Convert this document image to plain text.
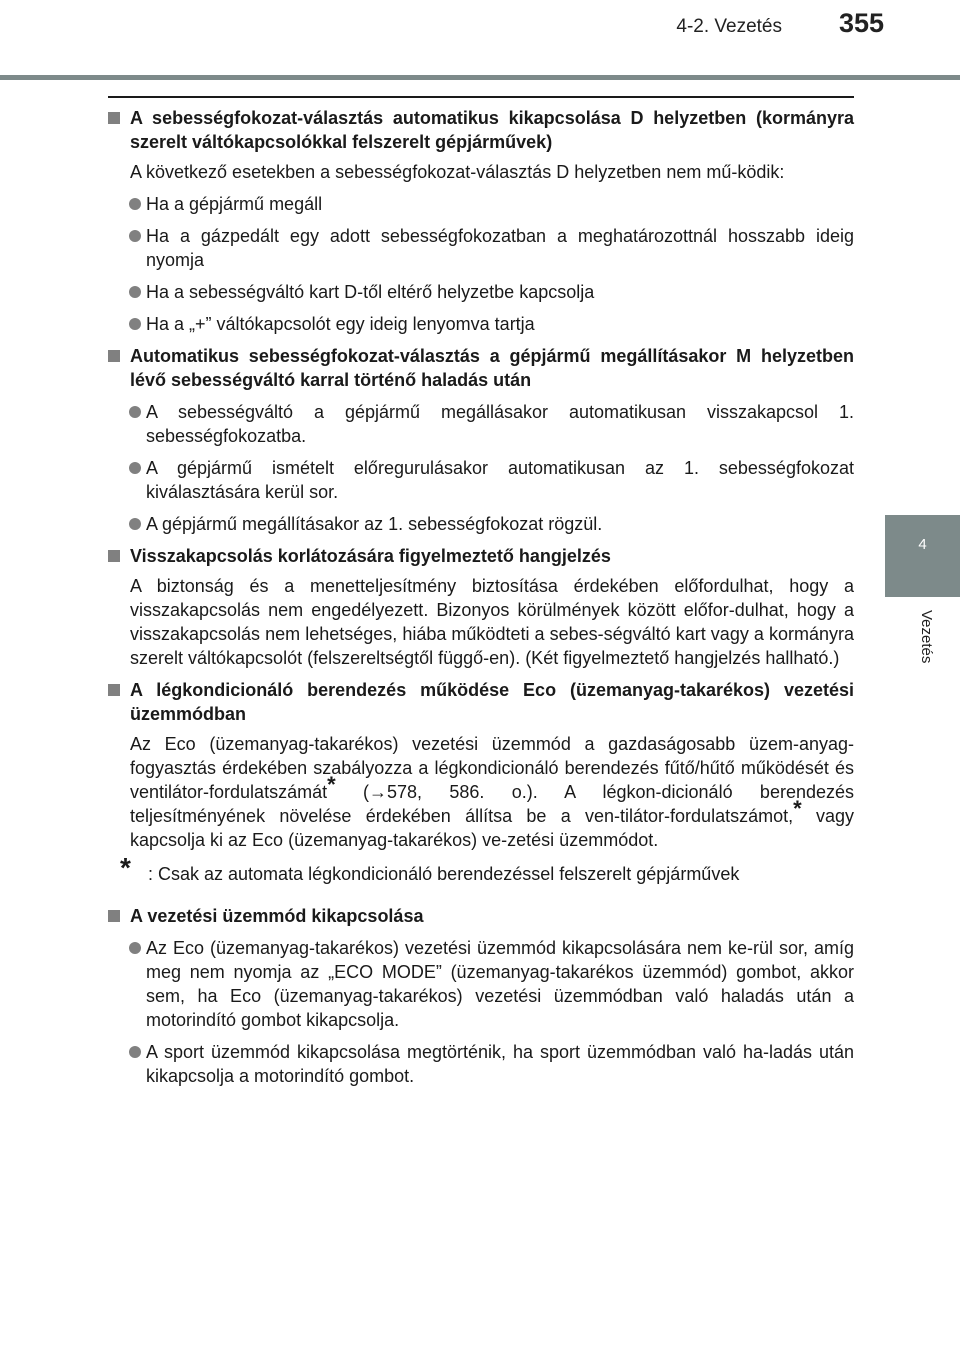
4-2. Vezetés 355
4
Vezetés
A sebességfokozat-választás automatikus kikapcsolása D helyzetben (kormányra szerelt váltókapcsolókkal felszerelt gépjárművek)
A következő esetekben a sebességfokozat-választás D helyzetben nem mű-ködik:
Ha a gépjármű megáll
Ha a gázpedált egy adott sebességfokozatban a meghatározottnál hosszabb ideig nyomja
Ha a sebességváltó kart D-től eltérő helyzetbe kapcsolja
Ha a „+” váltókapcsolót egy ideig lenyomva tartja
Automatikus sebességfokozat-választás a gépjármű megállításakor M helyzetben lévő sebességváltó karral történő haladás után
A sebességváltó a gépjármű megállásakor automatikusan visszakapcsol 1. sebességfokozatba.
A gépjármű ismételt előregurulásakor automatikusan az 1. sebességfokozat kiválasztására kerül sor.
A gépjármű megállításakor az 1. sebességfokozat rögzül.
Visszakapcsolás korlátozására figyelmeztető hangjelzés
A biztonság és a menetteljesítmény biztosítása érdekében előfordulhat, hogy a visszakapcsolás nem engedélyezett. Bizonyos körülmények között előfor-dulhat, hogy a visszakapcsolás nem lehetséges, hiába működteti a sebes-ségváltó kart vagy a kormányra szerelt váltókapcsolót (felszereltségtől függő-en). (Két figyelmeztető hangjelzés hallható.)
A légkondicionáló berendezés működése Eco (üzemanyag-takarékos) vezetési üzemmódban
Az Eco (üzemanyag-takarékos) vezetési üzemmód a gazdaságosabb üzem-anyag-fogyasztás érdekében szabályozza a légkondicionáló berendezés fűtő/hűtő működését és ventilátor-fordulatszámát* (→578, 586. o.). A légkon-dicionáló berendezés teljesítményének növelése érdekében állítsa be a ven-tilátor-fordulatszámot,* vagy kapcsolja ki az Eco (üzemanyag-takarékos) ve-zetési üzemmódot.
* : Csak az automata légkondicionáló berendezéssel felszerelt gépjárművek
A vezetési üzemmód kikapcsolása
Az Eco (üzemanyag-takarékos) vezetési üzemmód kikapcsolására nem ke-rül sor, amíg meg nem nyomja az „ECO MODE” (üzemanyag-takarékos üzemmód) gombot, akkor sem, ha Eco (üzemanyag-takarékos) vezetési üzemmódban való haladás után a motorindító gombot kikapcsolja.
A sport üzemmód kikapcsolása megtörténik, ha sport üzemmódban való ha-ladás után kikapcsolja a motorindító gombot.
